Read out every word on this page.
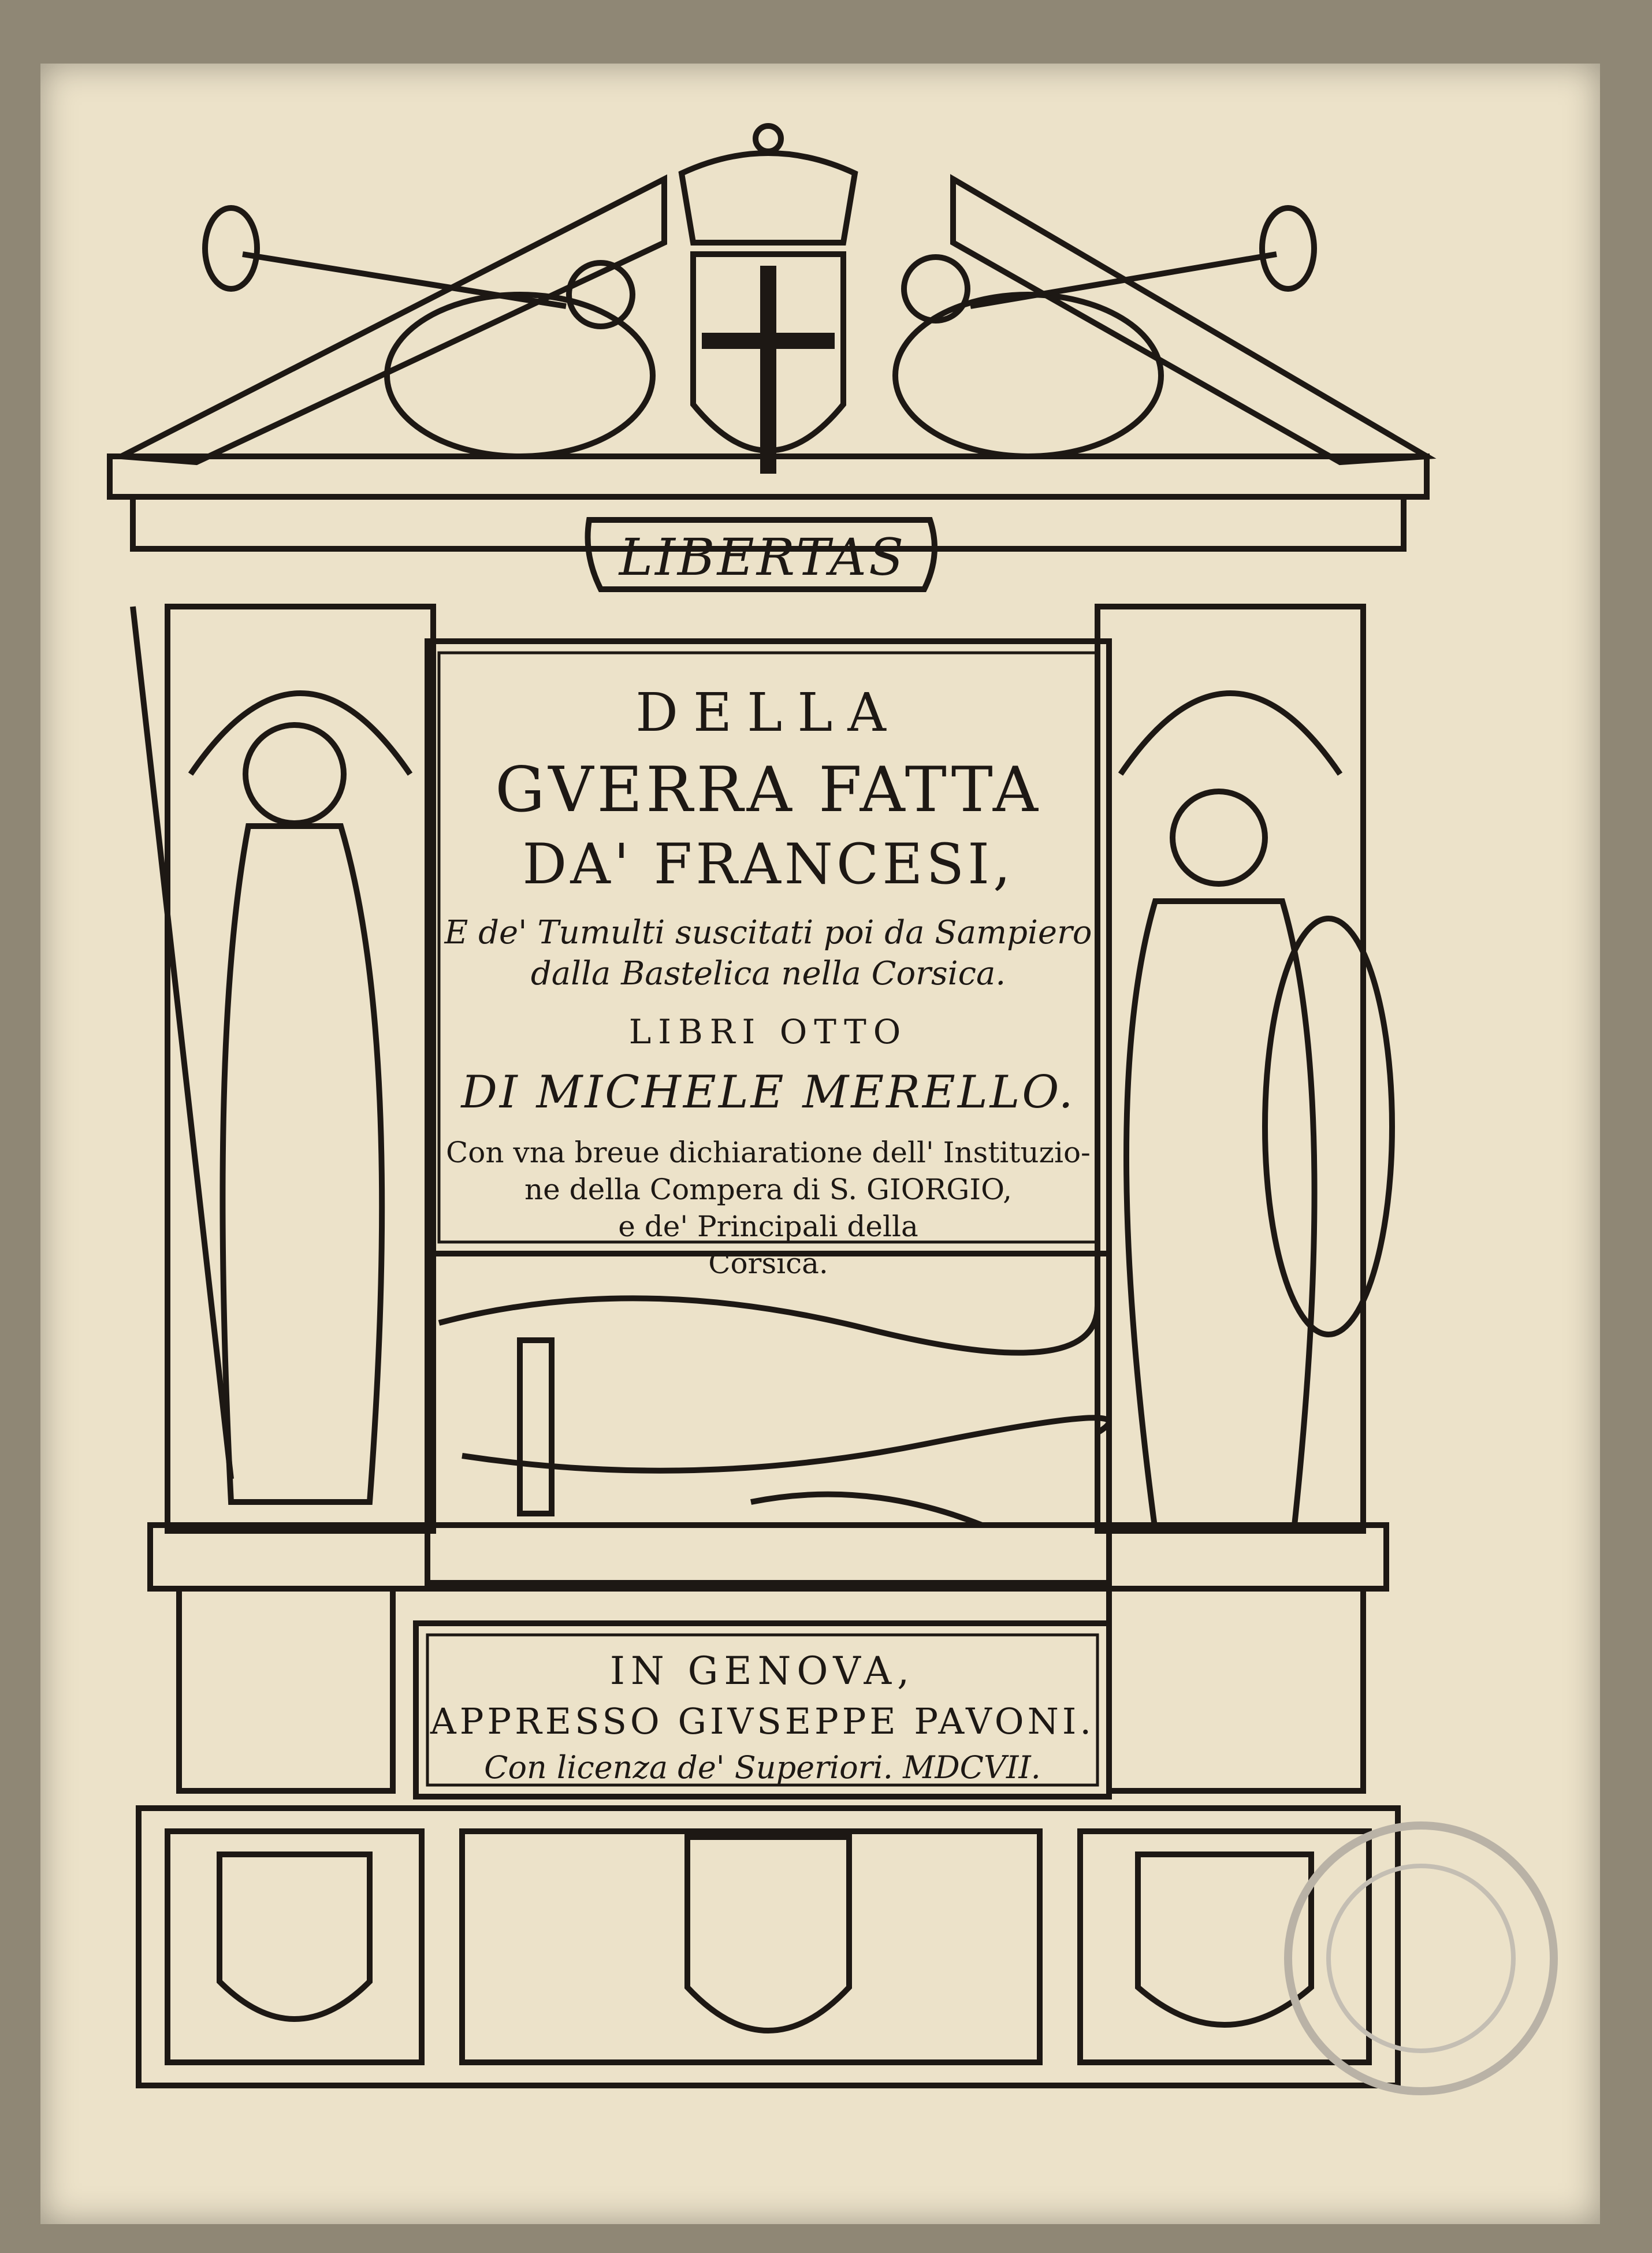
LIBERTAS
DELLA
GVERRA FATTA
DA' FRANCESI,
E de' Tumulti suscitati poi da Sampiero
dalla Bastelica nella Corsica.
LIBRI OTTO
DI MICHELE MERELLO.
Con vna breue dichiaratione dell' Instituzio-
ne della Compera di S. GIORGIO,
e de' Principali della
Corsica.
IN GENOVA,
APPRESSO GIVSEPPE PAVONI.
Con licenza de' Superiori. MDCVII.
